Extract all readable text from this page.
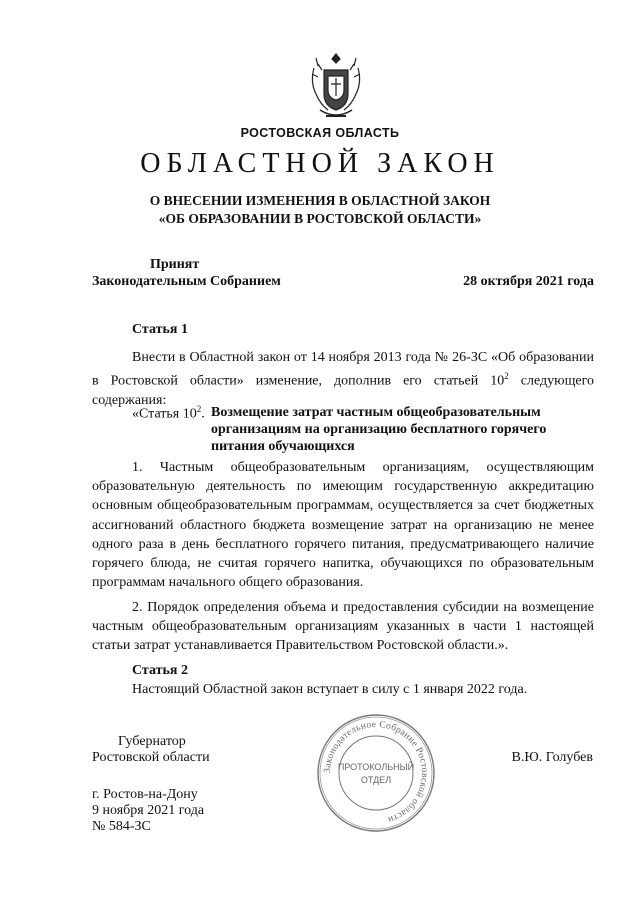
РОСТОВСКАЯ ОБЛАСТЬ
ОБЛАСТНОЙ ЗАКОН
О ВНЕСЕНИИ ИЗМЕНЕНИЯ В ОБЛАСТНОЙ ЗАКОН
«ОБ ОБРАЗОВАНИИ В РОСТОВСКОЙ ОБЛАСТИ»
Принят
Законодательным Собранием	28 октября 2021 года
Статья 1
Внести в Областной закон от 14 ноября 2013 года № 26-ЗС «Об образовании в Ростовской области» изменение, дополнив его статьей $10^2$ следующего содержания:
«Статья $10^2$. Возмещение затрат частным общеобразовательным организациям на организацию бесплатного горячего питания обучающихся
1. Частным общеобразовательным организациям, осуществляющим образовательную деятельность по имеющим государственную аккредитацию основным общеобразовательным программам, осуществляется за счет бюджетных ассигнований областного бюджета возмещение затрат на организацию не менее одного раза в день бесплатного горячего питания, предусматривающего наличие горячего блюда, не считая горячего напитка, обучающихся по образовательным программам начального общего образования.
2. Порядок определения объема и предоставления субсидии на возмещение частным общеобразовательным организациям указанных в части 1 настоящей статьи затрат устанавливается Правительством Ростовской области.».
Статья 2
Настоящий Областной закон вступает в силу с 1 января 2022 года.
Губернатор
Ростовской области	В.Ю. Голубев
г. Ростов-на-Дону
9 ноября 2021 года
№ 584-ЗС
Законодательное Собрание Ростовской области
ПРОТОКОЛЬНЫЙ
ОТДЕЛ
